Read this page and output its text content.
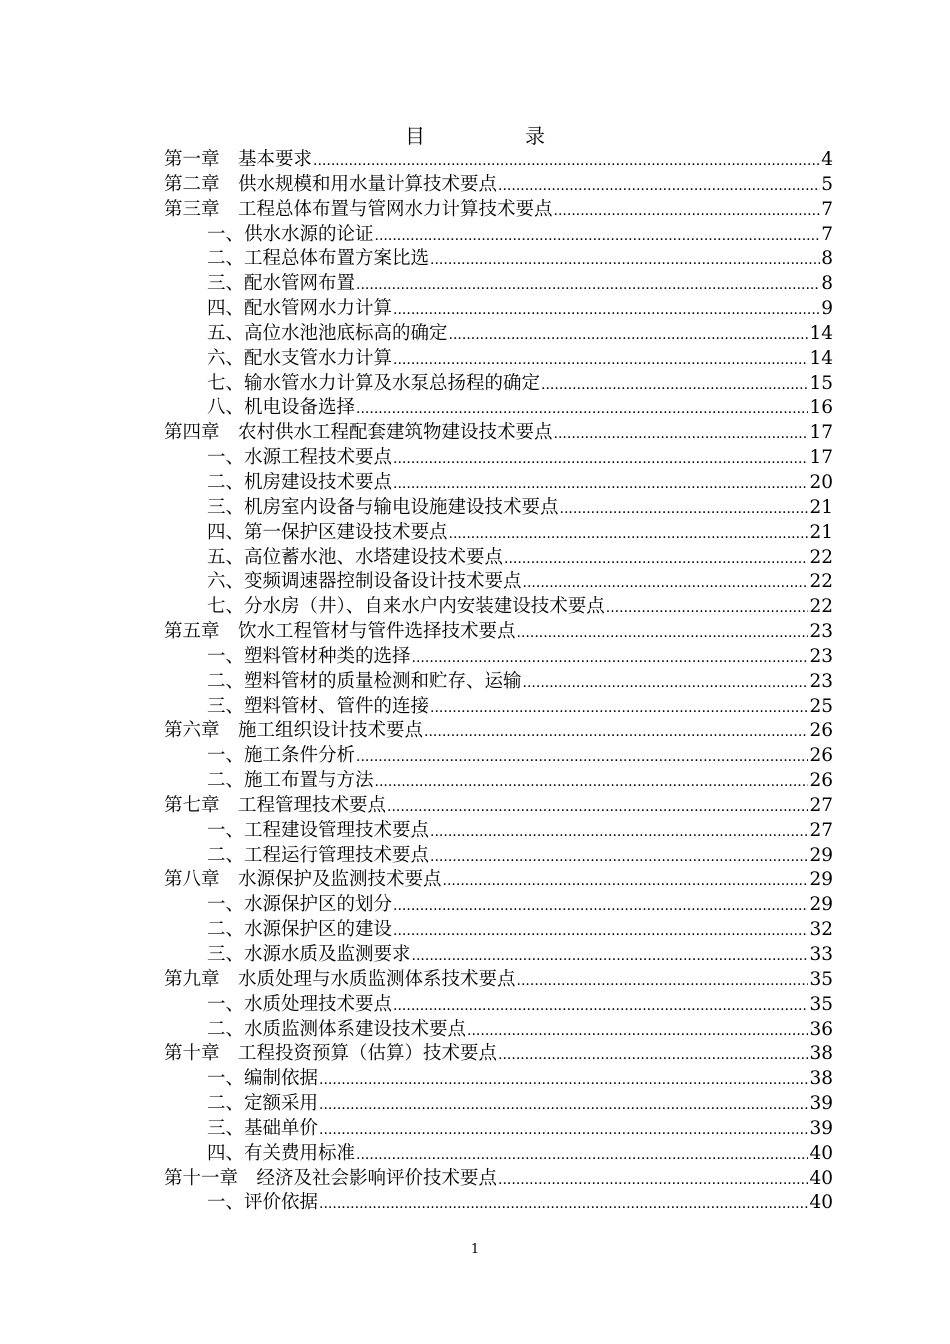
目　录
第一章　基本要求 .....	4
第二章　供水规模和用水量计算技术要点 .....	5
第三章　工程总体布置与管网水力计算技术要点 .....	7
一、供水水源的论证 .....	7
二、工程总体布置方案比选 .....	8
三、配水管网布置 .....	8
四、配水管网水力计算 .....	9
五、高位水池池底标高的确定 .....	14
六、配水支管水力计算 .....	14
七、输水管水力计算及水泵总扬程的确定 .....	15
八、机电设备选择 .....	16
第四章　农村供水工程配套建筑物建设技术要点 .....	17
一、水源工程技术要点 .....	17
二、机房建设技术要点 .....	20
三、机房室内设备与输电设施建设技术要点 .....	21
四、第一保护区建设技术要点 .....	21
五、高位蓄水池、水塔建设技术要点 .....	22
六、变频调速器控制设备设计技术要点 .....	22
七、分水房（井）、自来水户内安装建设技术要点 .....	22
第五章　饮水工程管材与管件选择技术要点 .....	23
一、塑料管材种类的选择 .....	23
二、塑料管材的质量检测和贮存、运输 .....	23
三、塑料管材、管件的连接 .....	25
第六章　施工组织设计技术要点 .....	26
一、施工条件分析 .....	26
二、施工布置与方法 .....	26
第七章　工程管理技术要点 .....	27
一、工程建设管理技术要点 .....	27
二、工程运行管理技术要点 .....	29
第八章　水源保护及监测技术要点 .....	29
一、水源保护区的划分 .....	29
二、水源保护区的建设 .....	32
三、水源水质及监测要求 .....	33
第九章　水质处理与水质监测体系技术要点 .....	35
一、水质处理技术要点 .....	35
二、水质监测体系建设技术要点 .....	36
第十章　工程投资预算（估算）技术要点 .....	38
一、编制依据 .....	38
二、定额采用 .....	39
三、基础单价 .....	39
四、有关费用标准 .....	40
第十一章　经济及社会影响评价技术要点 .....	40
一、评价依据 .....	40
1
